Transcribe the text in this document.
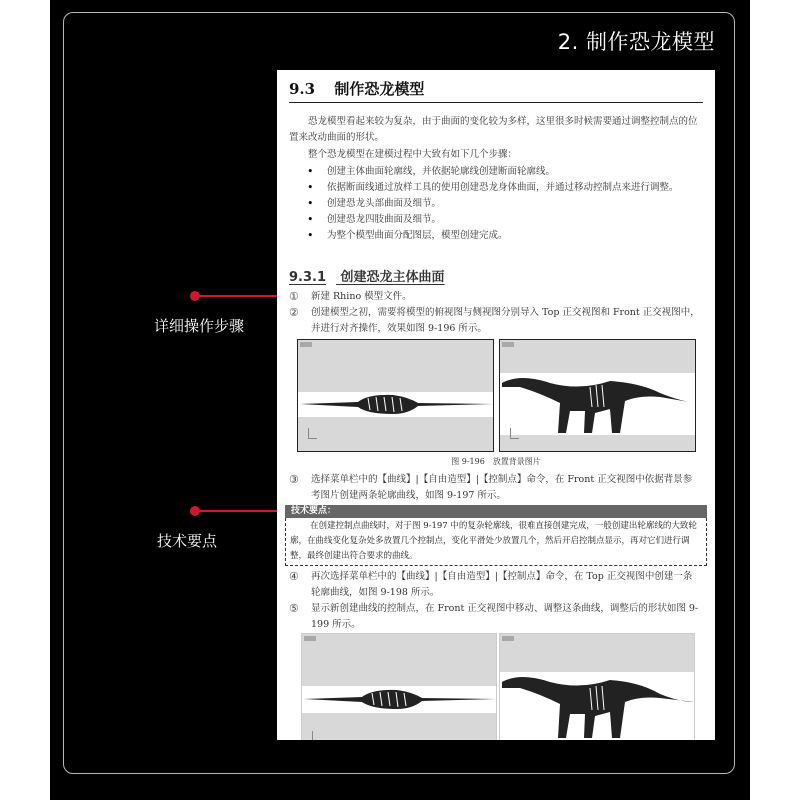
2. 制作恐龙模型
详细操作步骤
技术要点
9.3 制作恐龙模型
恐龙模型看起来较为复杂，由于曲面的变化较为多样，这里很多时候需要通过调整控制点的位置来改动曲面的形状。
整个恐龙模型在建模过程中大致有如下几个步骤：
• 创建主体曲面轮廓线，并依据轮廓线创建断面轮廓线。
• 依据断面线通过放样工具的使用创建恐龙身体曲面，并通过移动控制点来进行调整。
• 创建恐龙头部曲面及细节。
• 创建恐龙四肢曲面及细节。
• 为整个模型曲面分配图层，模型创建完成。
9.3.1 创建恐龙主体曲面
① 新建 Rhino 模型文件。
② 创建模型之初，需要将模型的俯视图与侧视图分别导入 Top 正交视图和 Front 正交视图中，并进行对齐操作，效果如图 9-196 所示。
图 9-196　放置背景图片
③ 选择菜单栏中的【曲线】|【自由造型】|【控制点】命令，在 Front 正交视图中依据背景参考图片创建两条轮廓曲线，如图 9-197 所示。
技术要点：
在创建控制点曲线时，对于图 9-197 中的复杂轮廓线，很难直接创建完成，一般创建出轮廓线的大致轮廓，在曲线变化复杂处多放置几个控制点，变化平滑处少放置几个，然后开启控制点显示，再对它们进行调整，最终创建出符合要求的曲线。
④ 再次选择菜单栏中的【曲线】|【自由造型】|【控制点】命令，在 Top 正交视图中创建一条轮廓曲线，如图 9-198 所示。
⑤ 显示新创建曲线的控制点，在 Front 正交视图中移动、调整这条曲线，调整后的形状如图 9-199 所示。
